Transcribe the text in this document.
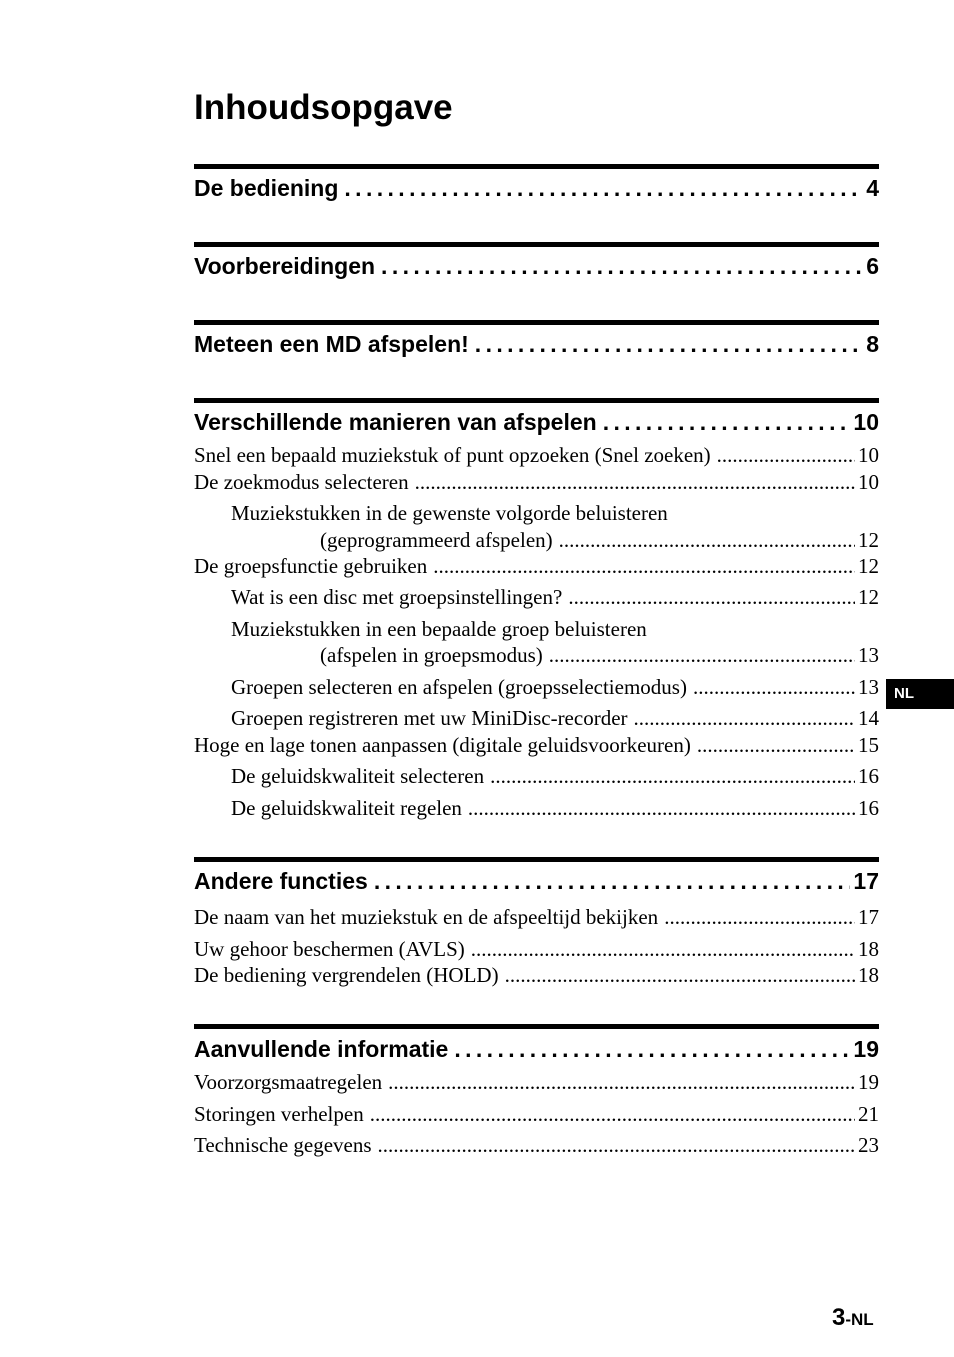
Inhoudsopgave
De bediening . . .	4
Voorbereidingen . . .	6
Meteen een MD afspelen! . . .	8
Verschillende manieren van afspelen . . .	10
Snel een bepaald muziekstuk of punt opzoeken (Snel zoeken) .....	10
De zoekmodus selecteren .....	10
Muziekstukken in de gewenste volgorde beluisteren
(geprogrammeerd afspelen) .....	12
De groepsfunctie gebruiken .....	12
Wat is een disc met groepsinstellingen? .....	12
Muziekstukken in een bepaalde groep beluisteren
(afspelen in groepsmodus) .....	13
Groepen selecteren en afspelen (groepsselectiemodus) .....	13
Groepen registreren met uw MiniDisc-recorder .....	14
Hoge en lage tonen aanpassen (digitale geluidsvoorkeuren) .....	15
De geluidskwaliteit selecteren .....	16
De geluidskwaliteit regelen .....	16
Andere functies . . .	17
De naam van het muziekstuk en de afspeeltijd bekijken .....	17
Uw gehoor beschermen (AVLS) .....	18
De bediening vergrendelen (HOLD) .....	18
Aanvullende informatie . . .	19
Voorzorgsmaatregelen .....	19
Storingen verhelpen .....	21
Technische gegevens .....	23
NL
3-NL
